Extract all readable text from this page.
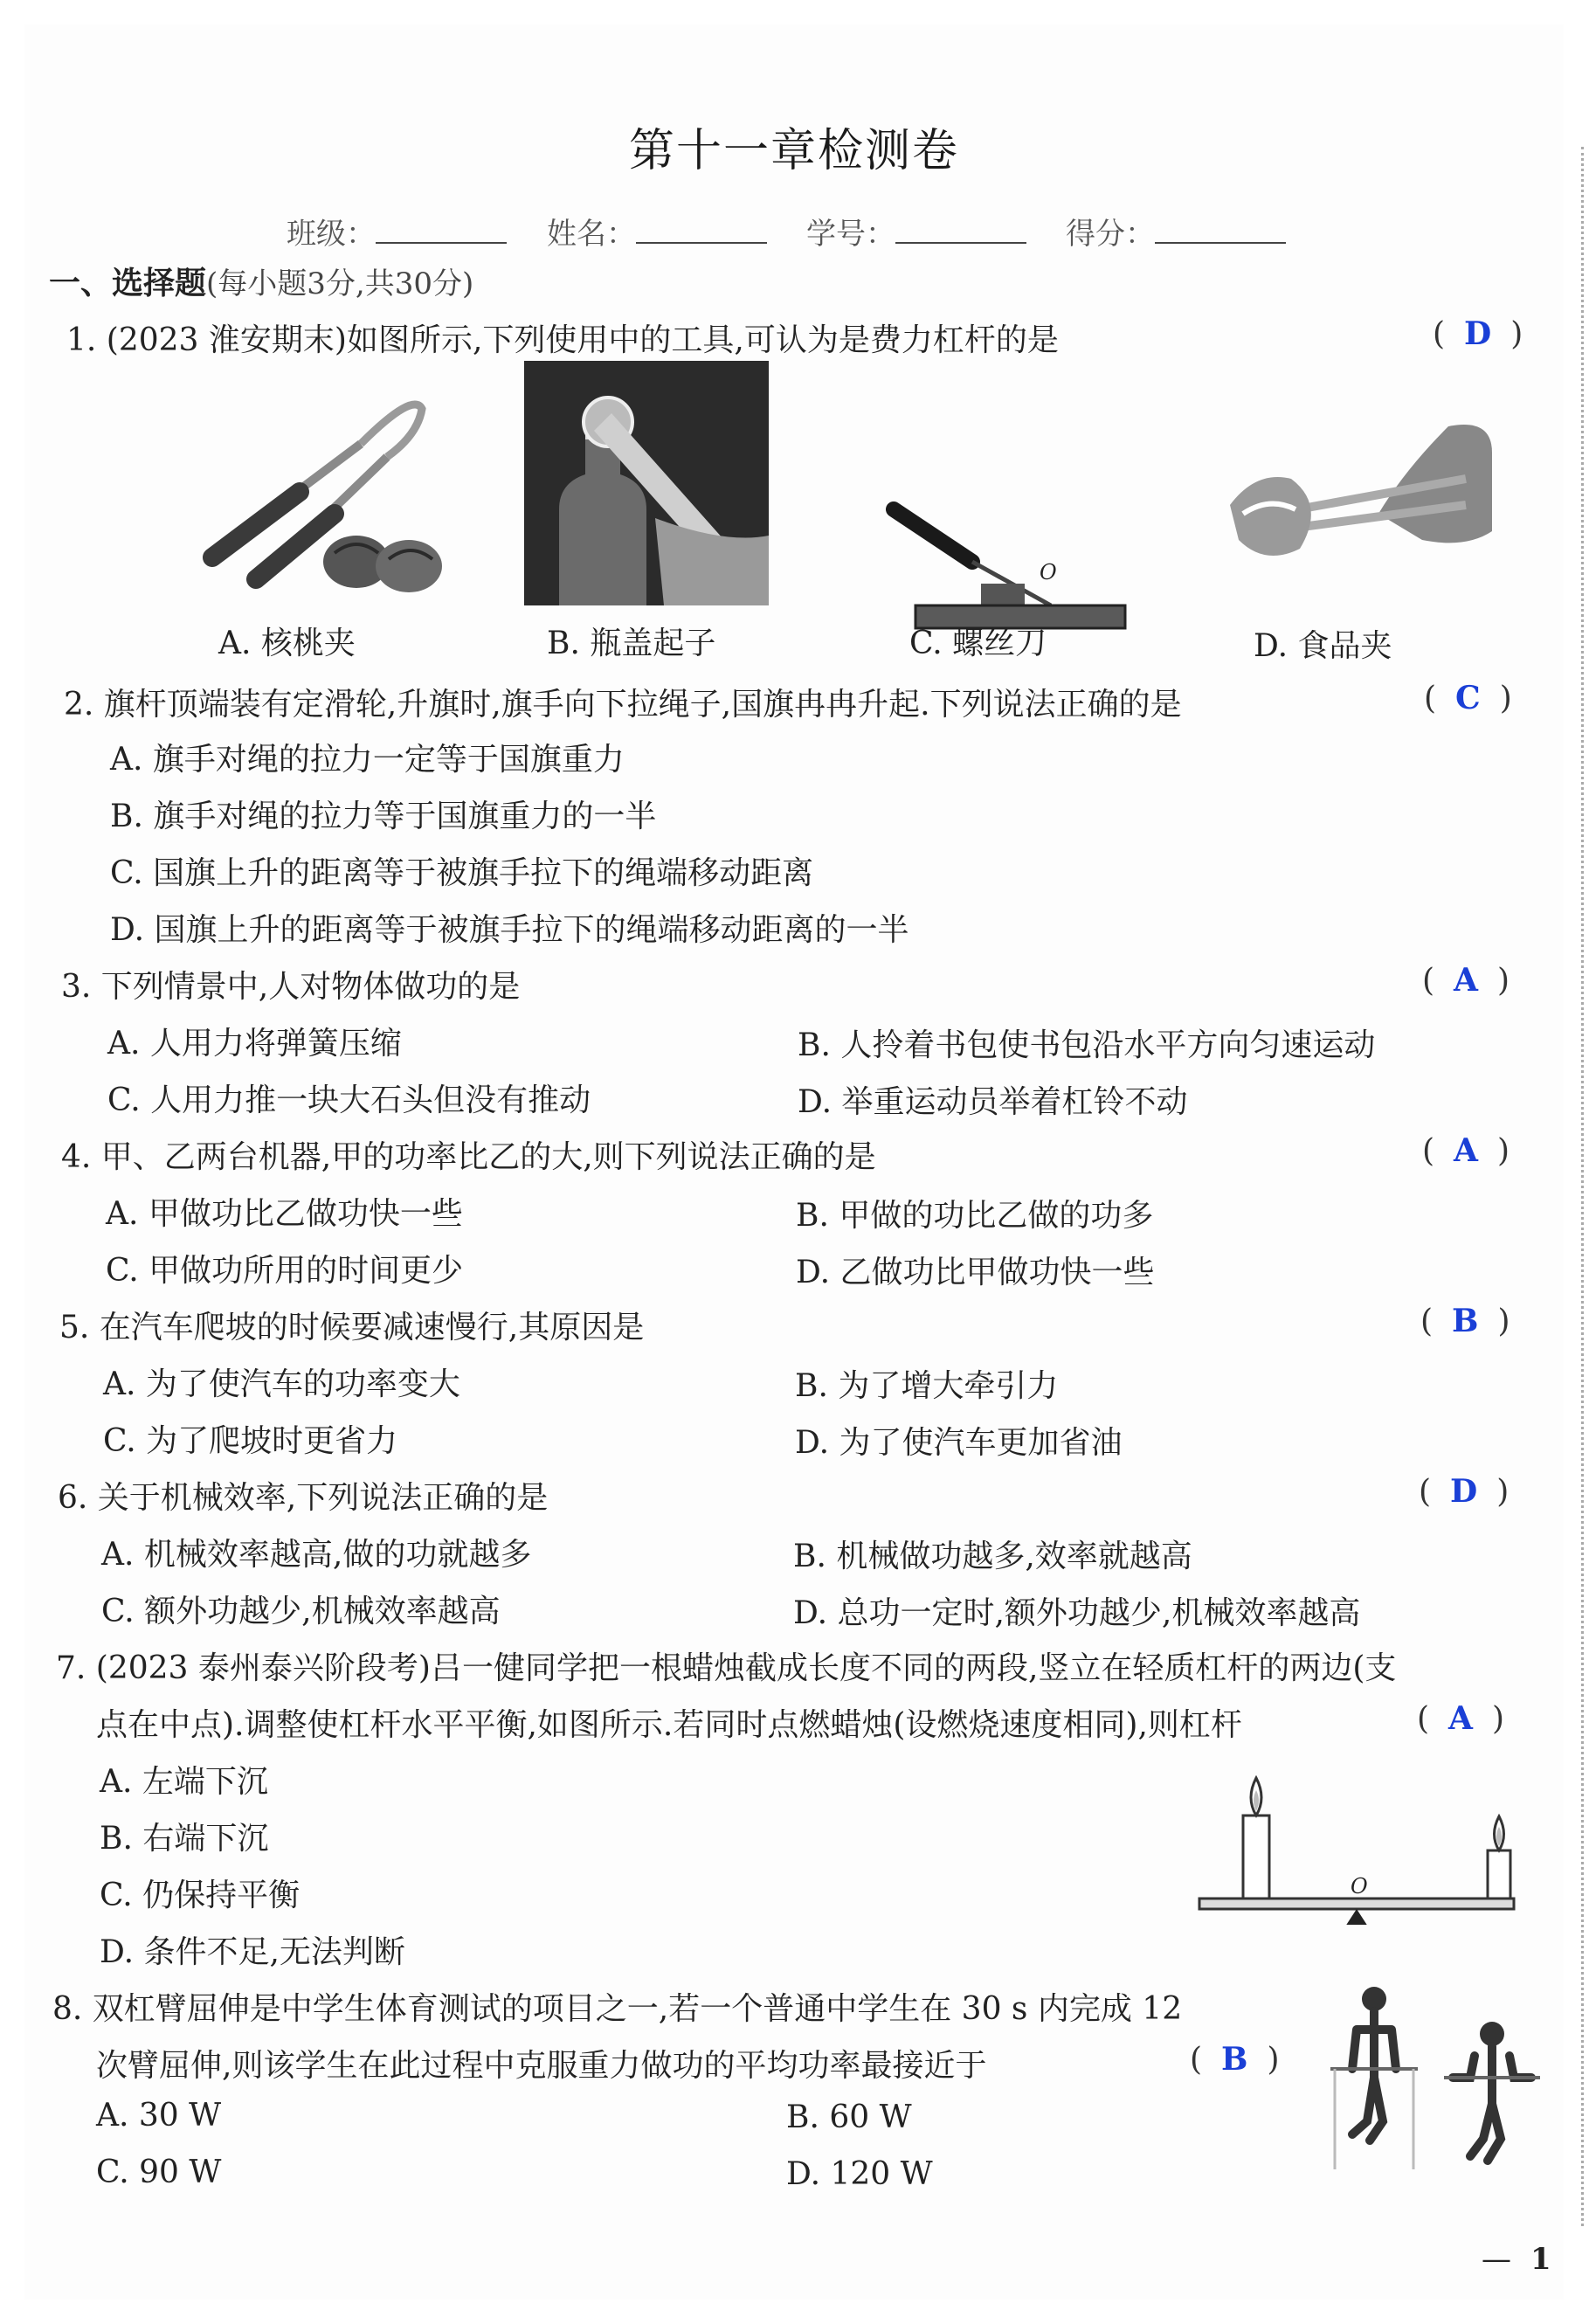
第十一章检测卷
班级：	姓名：	学号：	得分：
一、选择题(每小题3分,共30分)
1. (2023 淮安期末)如图所示,下列使用中的工具,可认为是费力杠杆的是	( D )
O
A. 核桃夹	B. 瓶盖起子	C. 螺丝刀	D. 食品夹
2. 旗杆顶端装有定滑轮,升旗时,旗手向下拉绳子,国旗冉冉升起.下列说法正确的是	( C )
A. 旗手对绳的拉力一定等于国旗重力
B. 旗手对绳的拉力等于国旗重力的一半
C. 国旗上升的距离等于被旗手拉下的绳端移动距离
D. 国旗上升的距离等于被旗手拉下的绳端移动距离的一半
3. 下列情景中,人对物体做功的是	( A )
A. 人用力将弹簧压缩	B. 人拎着书包使书包沿水平方向匀速运动
C. 人用力推一块大石头但没有推动	D. 举重运动员举着杠铃不动
4. 甲、乙两台机器,甲的功率比乙的大,则下列说法正确的是	( A )
A. 甲做功比乙做功快一些	B. 甲做的功比乙做的功多
C. 甲做功所用的时间更少	D. 乙做功比甲做功快一些
5. 在汽车爬坡的时候要减速慢行,其原因是	( B )
A. 为了使汽车的功率变大	B. 为了增大牵引力
C. 为了爬坡时更省力	D. 为了使汽车更加省油
6. 关于机械效率,下列说法正确的是	( D )
A. 机械效率越高,做的功就越多	B. 机械做功越多,效率就越高
C. 额外功越少,机械效率越高	D. 总功一定时,额外功越少,机械效率越高
7. (2023 泰州泰兴阶段考)吕一健同学把一根蜡烛截成长度不同的两段,竖立在轻质杠杆的两边(支
点在中点).调整使杠杆水平平衡,如图所示.若同时点燃蜡烛(设燃烧速度相同),则杠杆	( A )
A. 左端下沉
B. 右端下沉
C. 仍保持平衡
D. 条件不足,无法判断
O
8. 双杠臂屈伸是中学生体育测试的项目之一,若一个普通中学生在 30 s 内完成 12
次臂屈伸,则该学生在此过程中克服重力做功的平均功率最接近于	( B )
A. 30 W	B. 60 W
C. 90 W	D. 120 W
— 1
